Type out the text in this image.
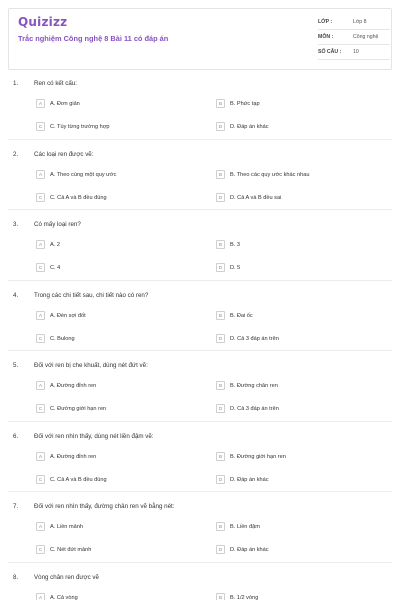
Quizizz
Trắc nghiệm Công nghệ 8 Bài 11 có đáp án
LỚP :	Lớp 8
MÔN :	Công nghệ
SỐ CÂU :	10
1.	Ren có kết cấu:
A	A. Đơn giản	B	B. Phức tạp
C	C. Tùy từng trường hợp	D	D. Đáp án khác
2.	Các loại ren được vẽ:
A	A. Theo cùng một quy ước	B	B. Theo các quy ước khác nhau
C	C. Cả A và B đều đúng	D	D. Cả A và B đều sai
3.	Có mấy loại ren?
A	A. 2	B	B. 3
C	C. 4	D	D. 5
4.	Trong các chi tiết sau, chi tiết nào có ren?
A	A. Đèn sợi đốt	B	B. Đai ốc
C	C. Bulong	D	D. Cả 3 đáp án trên
5.	Đối với ren bị che khuất, dùng nét đứt vẽ:
A	A. Đường đỉnh ren	B	B. Đường chân ren
C	C. Đường giới hạn ren	D	D. Cả 3 đáp án trên
6.	Đối với ren nhìn thấy, dùng nét liền đậm vẽ:
A	A. Đường đỉnh ren	B	B. Đường giới hạn ren
C	C. Cả A và B đều đúng	D	D. Đáp án khác
7.	Đối với ren nhìn thấy, đường chân ren vẽ bằng nét:
A	A. Liền mảnh	B	B. Liền đậm
C	C. Nét đứt mảnh	D	D. Đáp án khác
8.	Vòng chân ren được vẽ
A	A. Cả vòng	B	B. 1/2 vòng
